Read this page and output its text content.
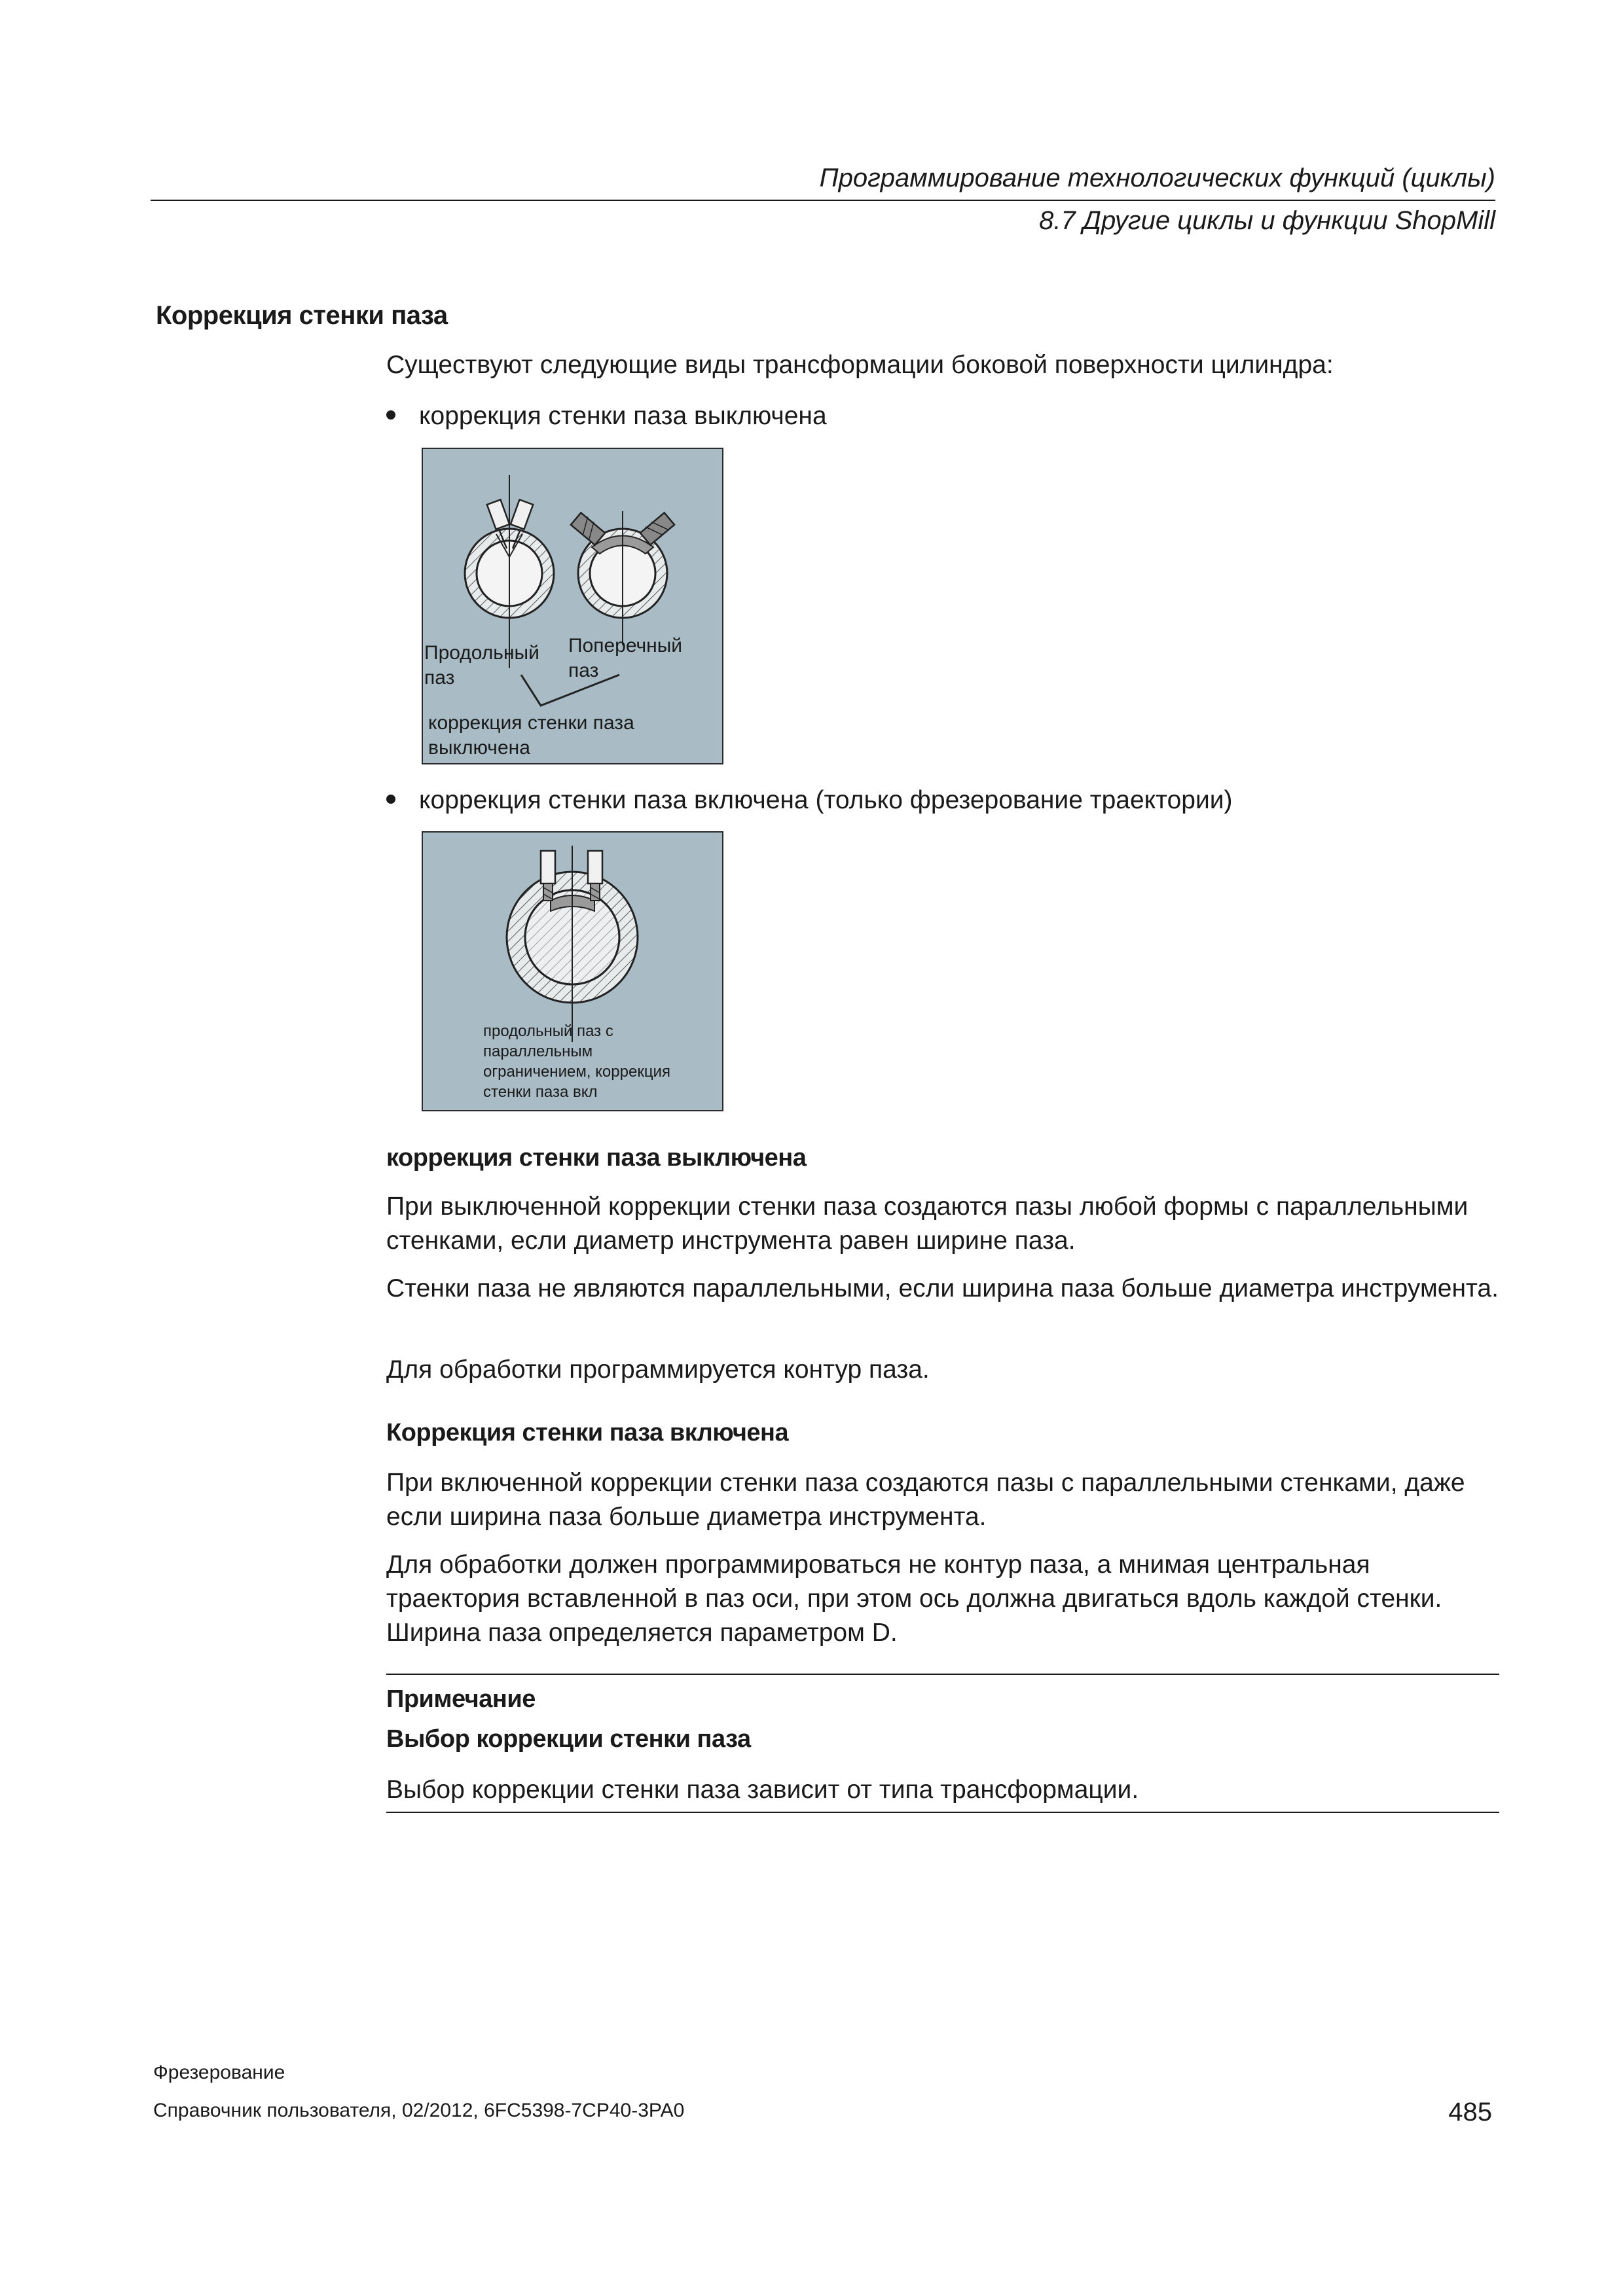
Программирование технологических функций (циклы)
8.7 Другие циклы и функции ShopMill
Коррекция стенки паза
Существуют следующие виды трансформации боковой поверхности цилиндра:
коррекция стенки паза выключена
Продольный
паз
Поперечный
паз
коррекция стенки паза
выключена
коррекция стенки паза включена (только фрезерование траектории)
продольный паз с
параллельным
ограничением, коррекция
стенки паза вкл
коррекция стенки паза выключена
При выключенной коррекции стенки паза создаются пазы любой формы с параллельными стенками, если диаметр инструмента равен ширине паза.
Стенки паза не являются параллельными, если ширина паза больше диаметра инструмента.
Для обработки программируется контур паза.
Коррекция стенки паза включена
При включенной коррекции стенки паза создаются пазы с параллельными стенками, даже если ширина паза больше диаметра инструмента.
Для обработки должен программироваться не контур паза, а мнимая центральная траектория вставленной в паз оси, при этом ось должна двигаться вдоль каждой стенки. Ширина паза определяется параметром D.
Примечание
Выбор коррекции стенки паза
Выбор коррекции стенки паза зависит от типа трансформации.
Фрезерование
Справочник пользователя, 02/2012, 6FC5398-7CP40-3PA0	485
